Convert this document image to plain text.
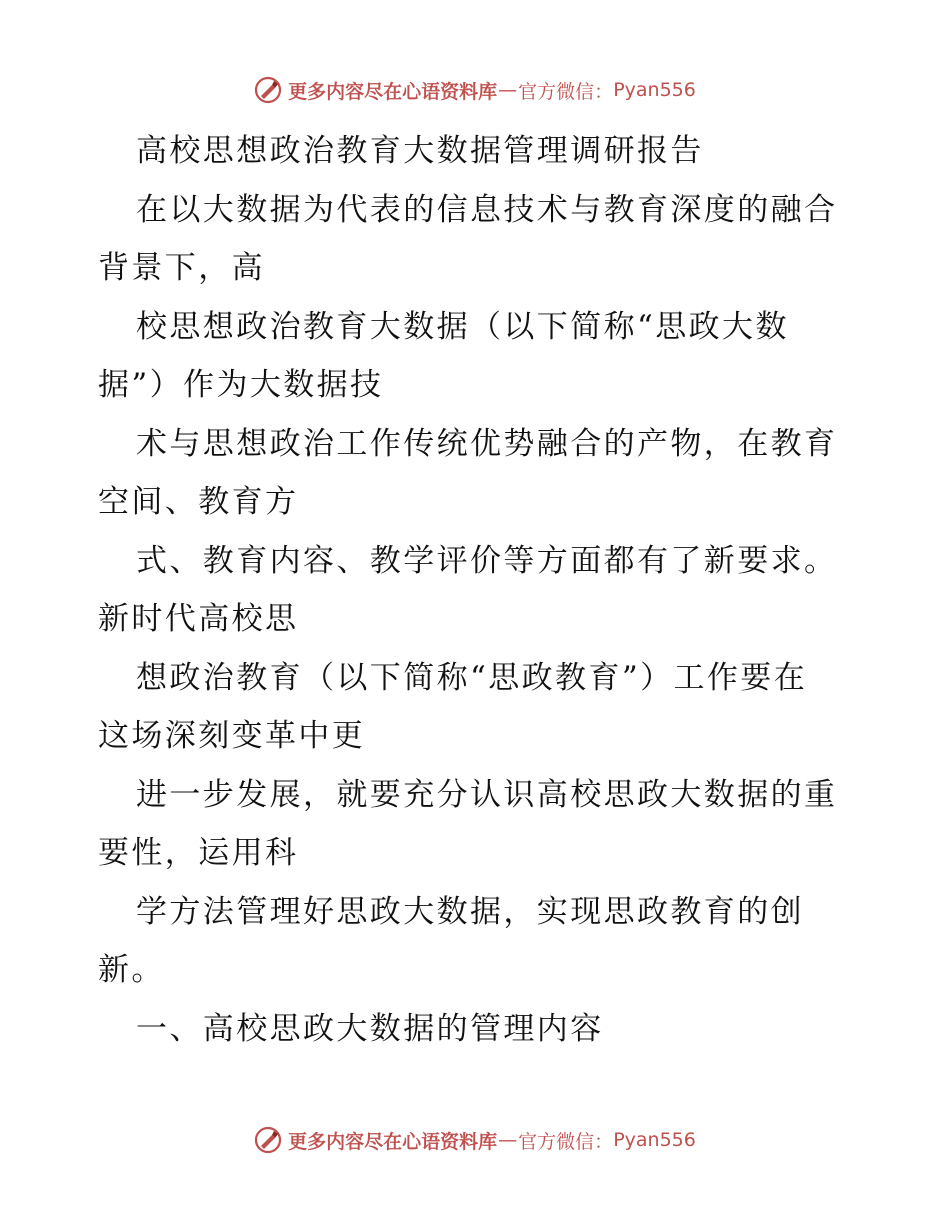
更多内容尽在心语资料库 — 官方微信： Pyan556
高校思想政治教育大数据管理调研报告
在以大数据为代表的信息技术与教育深度的融合
背景下，高
校思想政治教育大数据（以下简称“思政大数
据”）作为大数据技
术与思想政治工作传统优势融合的产物，在教育
空间、教育方
式、教育内容、教学评价等方面都有了新要求。
新时代高校思
想政治教育（以下简称“思政教育”）工作要在
这场深刻变革中更
进一步发展，就要充分认识高校思政大数据的重
要性，运用科
学方法管理好思政大数据，实现思政教育的创
新。
一、高校思政大数据的管理内容
更多内容尽在心语资料库 — 官方微信： Pyan556
